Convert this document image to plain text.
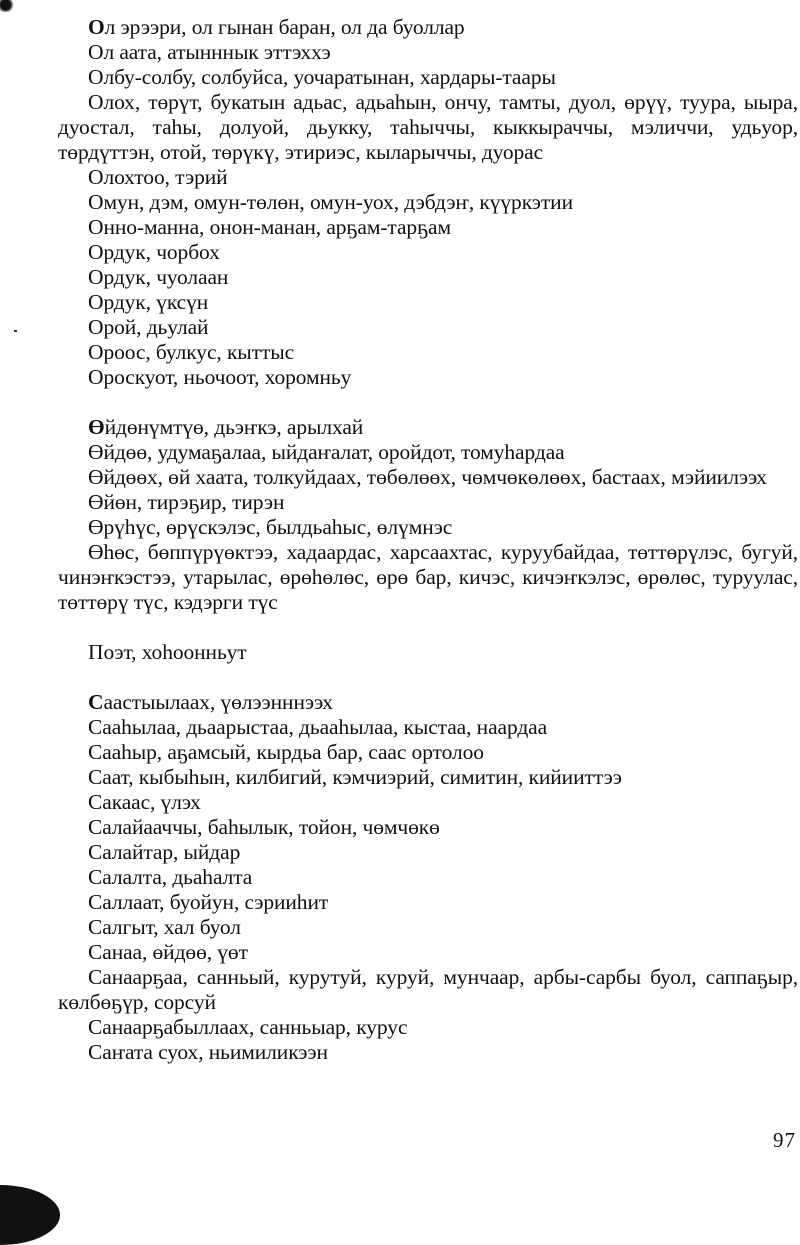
Ол эрээри, ол гынан баран, ол да буоллар

Ол аата, атынннык эттэххэ

Олбу-солбу, солбуйса, уочаратынан, хардары-таары

Олох, төрүт, букатын адьас, адьаһын, ончу, тамты, дуол, өрүү, туура, ыыра, дуостал, таһы, долуой, дьукку, таһыччы, кыккыраччы, мэличчи, удьуор, төрдүттэн, отой, төрүкү, этириэс, кыларыччы, дуорас

Олохтоо, тэрий

Омун, дэм, омун-төлөн, омун-уох, дэбдэҥ, күүркэтии

Онно-манна, онон-манан, арҕам-тарҕам

Ордук, чорбох

Ордук, чуолаан

Ордук, үксүн

Орой, дьулай

Ороос, булкус, кыттыс

Ороскуот, ньочоот, хоромньу

Өйдөнүмтүө, дьэҥкэ, арылхай

Өйдөө, удумаҕалаа, ыйдаҥалат, оройдот, томуһардаа

Өйдөөх, өй хаата, толкуйдаах, төбөлөөх, чөмчөкөлөөх, бастаах, мэйиилээх

Өйөн, тирэҕир, тирэн

Өрүһүс, өрүскэлэс, былдьаһыс, өлүмнэс

Өһөс, бөппүрүөктээ, хадаардас, харсаахтас, куруубайдаа, төттөрүлэс, бугуй, чинэҥкэстээ, утарылас, өрөһөлөс, өрө бар, кичэс, кичэҥкэлэс, өрөлөс, туруулас, төттөрү түс, кэдэрги түс

Поэт, хоһоонньут

Саастыылаах, үөлээнннээх

Сааһылаа, дьаарыстаа, дьааһылаа, кыстаа, наардаа

Сааһыр, аҕамсый, кырдьа бар, саас ортолоо

Саат, кыбыһын, килбигий, кэмчиэрий, симитин, кийииттээ

Сакаас, үлэх

Салайааччы, баһылык, тойон, чөмчөкө

Салайтар, ыйдар

Салалта, дьаһалта

Саллаат, буойун, сэрииһит

Салгыт, хал буол

Санаа, өйдөө, үөт

Санаарҕаа, санньый, курутуй, куруй, мунчаар, арбы-сарбы буол, саппаҕыр, көлбөҕүр, сорсуй

Санаарҕабыллаах, санньыар, курус

Саҥата суох, ньимиликээн

97
